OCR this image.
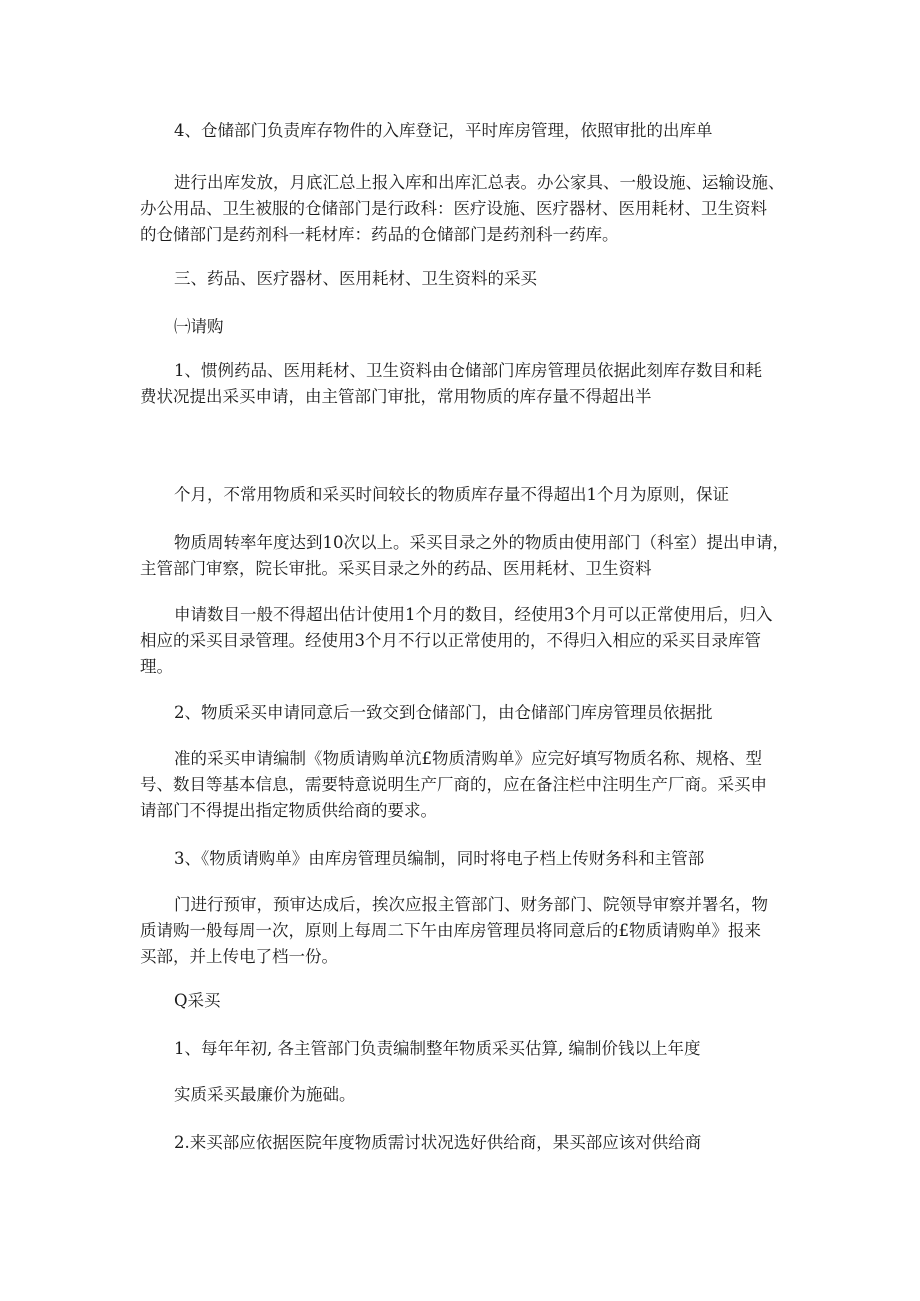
4、仓储部门负责库存物件的入库登记，平时库房管理，依照审批的出库单
进行出库发放，月底汇总上报入库和出库汇总表。办公家具、一般设施、运输设施、
办公用品、卫生被服的仓储部门是行政科：医疗设施、医疗器材、医用耗材、卫生资料
的仓储部门是药剂科一耗材库：药品的仓储部门是药剂科一药库。
三、药品、医疗器材、医用耗材、卫生资料的采买
㈠请购
1、惯例药品、医用耗材、卫生资料由仓储部门库房管理员依据此刻库存数目和耗
费状况提出采买申请，由主管部门审批，常用物质的库存量不得超出半
个月，不常用物质和采买时间较长的物质库存量不得超出1个月为原则，保证
物质周转率年度达到10次以上。采买目录之外的物质由使用部门（科室）提出申请，
主管部门审察，院长审批。采买目录之外的药品、医用耗材、卫生资料
申请数目一般不得超出估计使用1个月的数目，经使用3个月可以正常使用后，归入
相应的采买目录管理。经使用3个月不行以正常使用的，不得归入相应的采买目录库管
理。
2、物质采买申请同意后一致交到仓储部门，由仓储部门库房管理员依据批
准的采买申请编制《物质请购单沆£物质清购单》应完好填写物质名称、规格、型
号、数目等基本信息，需要特意说明生产厂商的，应在备注栏中注明生产厂商。采买申
请部门不得提出指定物质供给商的要求。
3、《物质请购单》由库房管理员编制，同时将电子档上传财务科和主管部
门进行预审，预审达成后，挨次应报主管部门、财务部门、院领导审察并署名，物
质请购一般每周一次，原则上每周二下午由库房管理员将同意后的£物质请购单》报来
买部，并上传电了档一份。
Q采买
1、每年年初, 各主管部门负责编制整年物质采买估算, 编制价钱以上年度
实质采买最廉价为施础。
2.来买部应依据医院年度物质需讨状况选好供给商，果买部应该对供给商
